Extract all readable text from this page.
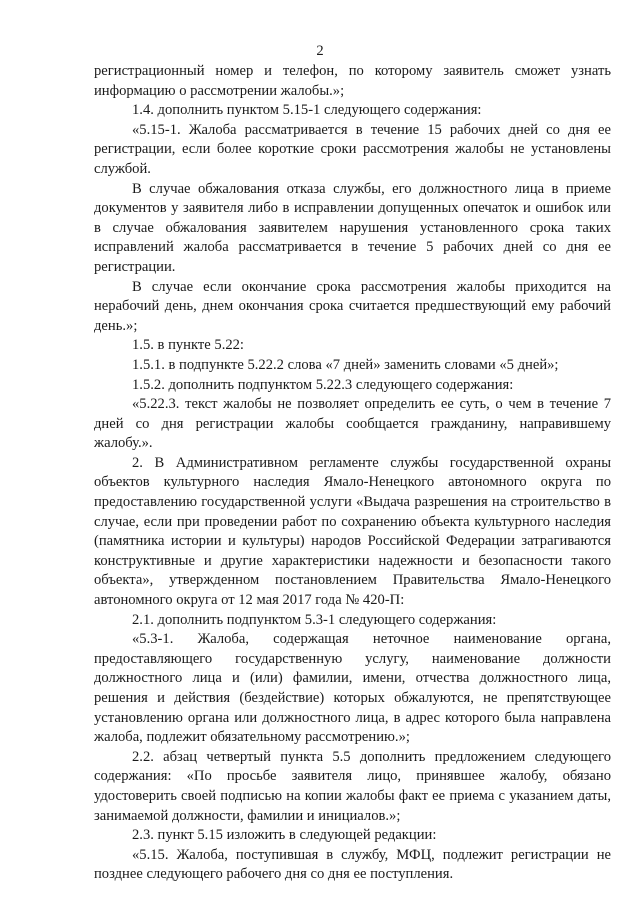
2

регистрационный номер и телефон, по которому заявитель сможет узнать информацию о рассмотрении жалобы.»;

1.4. дополнить пунктом 5.15-1 следующего содержания:

«5.15-1. Жалоба рассматривается в течение 15 рабочих дней со дня ее регистрации, если более короткие сроки рассмотрения жалобы не установлены службой.

В случае обжалования отказа службы, его должностного лица в приеме документов у заявителя либо в исправлении допущенных опечаток и ошибок или в случае обжалования заявителем нарушения установленного срока таких исправлений жалоба рассматривается в течение 5 рабочих дней со дня ее регистрации.

В случае если окончание срока рассмотрения жалобы приходится на нерабочий день, днем окончания срока считается предшествующий ему рабочий день.»;

1.5. в пункте 5.22:

1.5.1. в подпункте 5.22.2 слова «7 дней» заменить словами «5 дней»;

1.5.2. дополнить подпунктом 5.22.3 следующего содержания:

«5.22.3. текст жалобы не позволяет определить ее суть, о чем в течение 7 дней со дня регистрации жалобы сообщается гражданину, направившему жалобу.».

2. В Административном регламенте службы государственной охраны объектов культурного наследия Ямало-Ненецкого автономного округа по предоставлению государственной услуги «Выдача разрешения на строительство в случае, если при проведении работ по сохранению объекта культурного наследия (памятника истории и культуры) народов Российской Федерации затрагиваются конструктивные и другие характеристики надежности и безопасности такого объекта», утвержденном постановлением Правительства Ямало-Ненецкого автономного округа от 12 мая 2017 года № 420-П:

2.1. дополнить подпунктом 5.3-1 следующего содержания:

«5.3-1. Жалоба, содержащая неточное наименование органа, предоставляющего государственную услугу, наименование должности должностного лица и (или) фамилии, имени, отчества должностного лица, решения и действия (бездействие) которых обжалуются, не препятствующее установлению органа или должностного лица, в адрес которого была направлена жалоба, подлежит обязательному рассмотрению.»;

2.2. абзац четвертый пункта 5.5 дополнить предложением следующего содержания: «По просьбе заявителя лицо, принявшее жалобу, обязано удостоверить своей подписью на копии жалобы факт ее приема с указанием даты, занимаемой должности, фамилии и инициалов.»;

2.3. пункт 5.15 изложить в следующей редакции:

«5.15. Жалоба, поступившая в службу, МФЦ, подлежит регистрации не позднее следующего рабочего дня со дня ее поступления.
